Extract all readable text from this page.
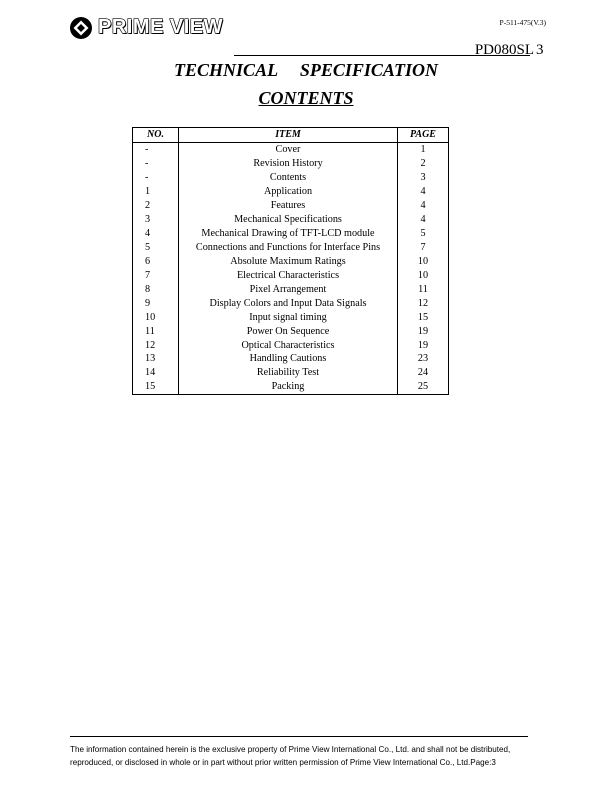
PRIME VIEW	P-511-475(V.3)
PD080SL 3
TECHNICAL SPECIFICATION
CONTENTS
NO.	ITEM	PAGE
-	Cover	1
-	Revision History	2
-	Contents	3
1	Application	4
2	Features	4
3	Mechanical Specifications	4
4	Mechanical Drawing of TFT-LCD module	5
5	Connections and Functions for Interface Pins	7
6	Absolute Maximum Ratings	10
7	Electrical Characteristics	10
8	Pixel Arrangement	11
9	Display Colors and Input Data Signals	12
10	Input signal timing	15
11	Power On Sequence	19
12	Optical Characteristics	19
13	Handling Cautions	23
14	Reliability Test	24
15	Packing	25
The information contained herein is the exclusive property of Prime View International Co., Ltd. and shall not be distributed,
reproduced, or disclosed in whole or in part without prior written permission of Prime View International Co., Ltd.Page:3
